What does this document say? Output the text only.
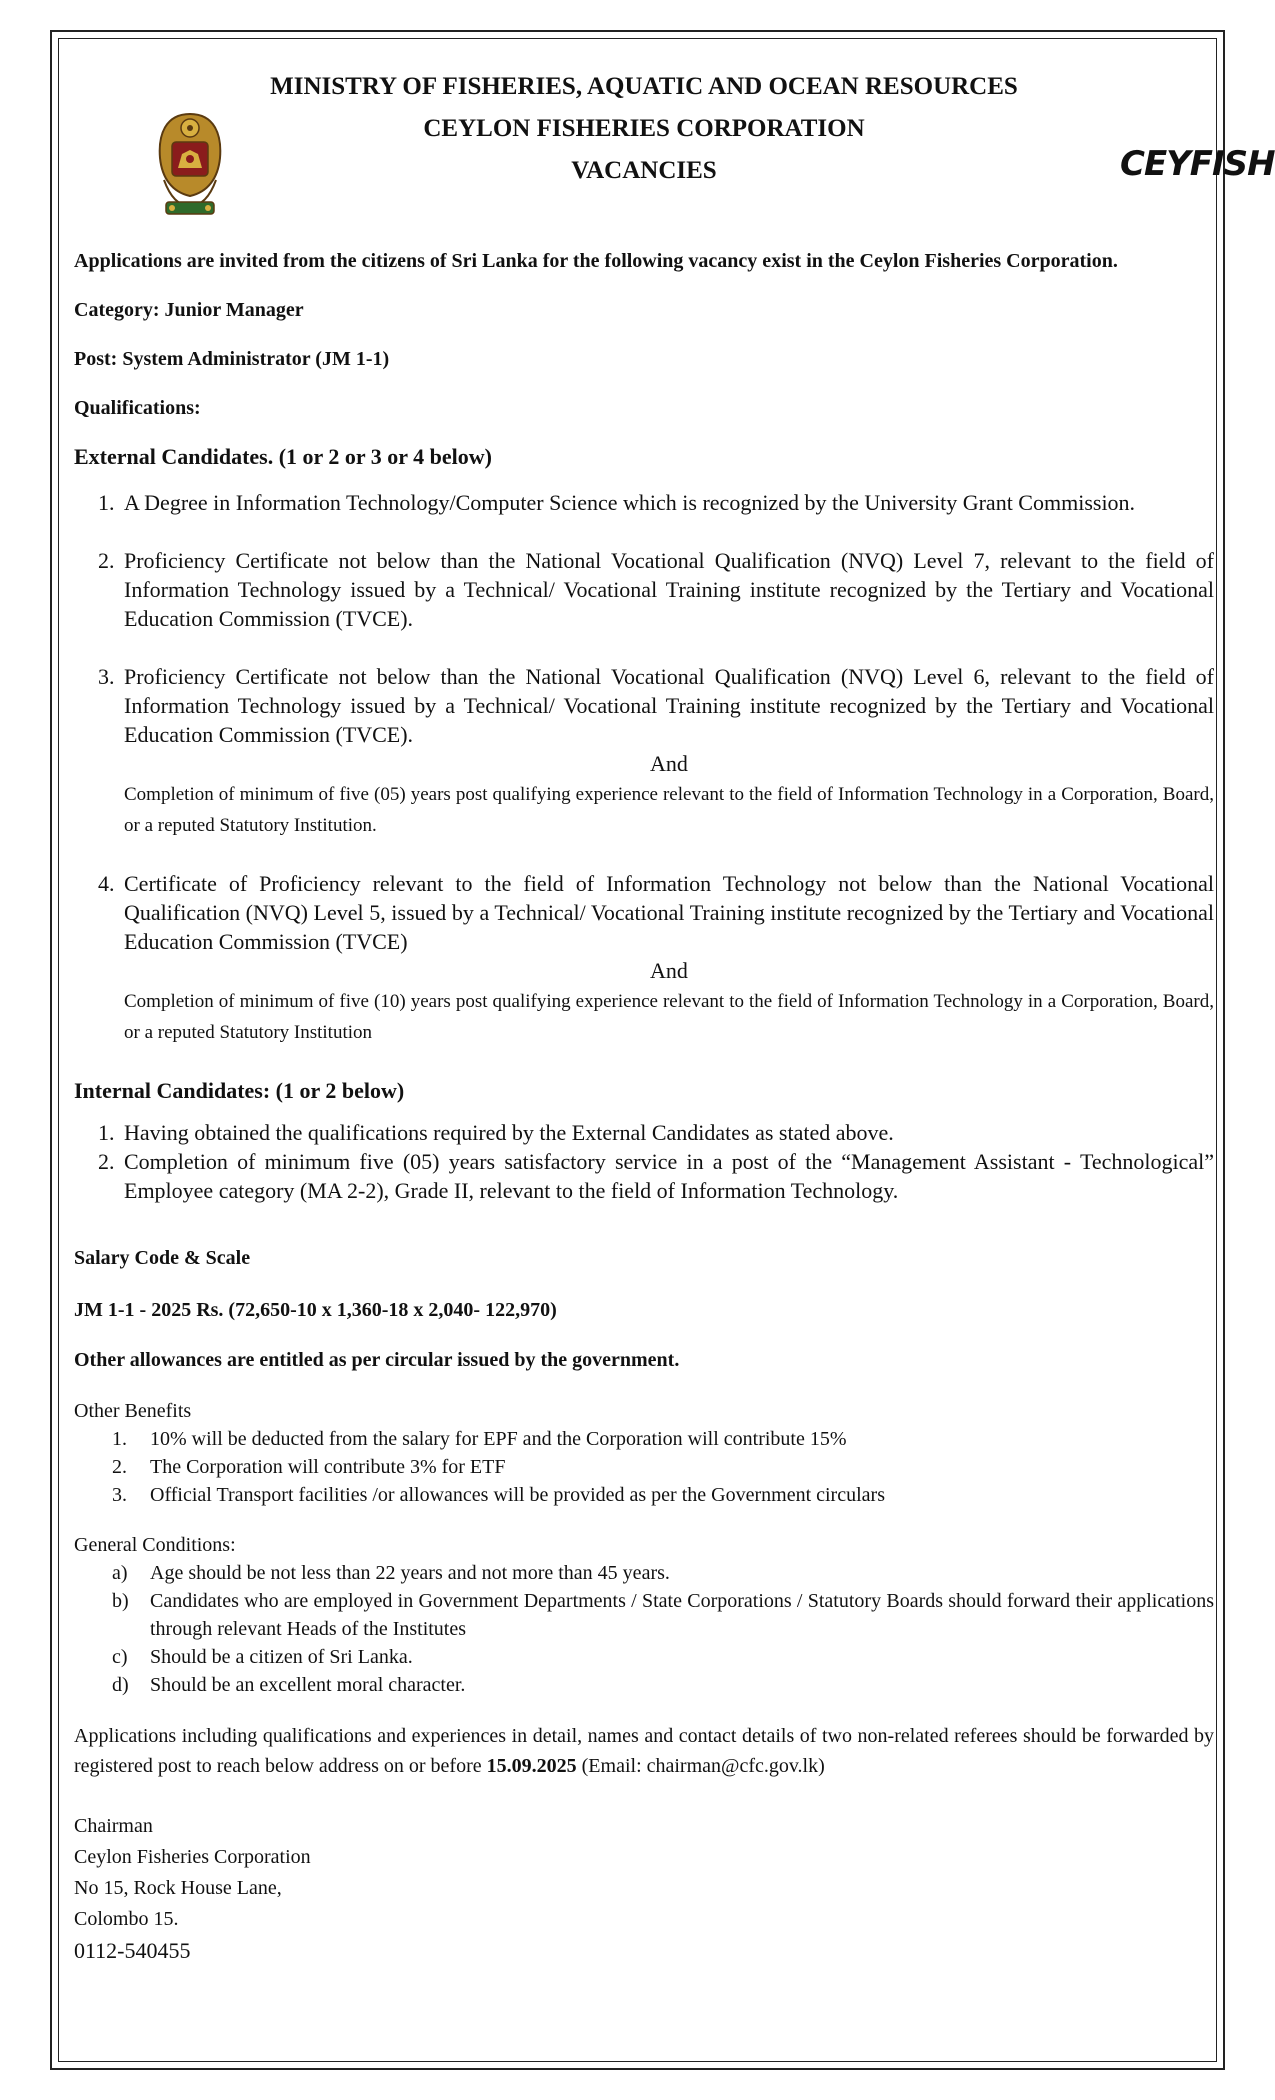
MINISTRY OF FISHERIES, AQUATIC AND OCEAN RESOURCES
CEYLON FISHERIES CORPORATION
VACANCIES	CEYFISH

Applications are invited from the citizens of Sri Lanka for the following vacancy exist in the Ceylon Fisheries Corporation.

Category: Junior Manager

Post: System Administrator (JM 1-1)

Qualifications:

External Candidates. (1 or 2 or 3 or 4 below)

1. A Degree in Information Technology/Computer Science which is recognized by the University Grant Commission.
2. Proficiency Certificate not below than the National Vocational Qualification (NVQ) Level 7, relevant to the field of Information Technology issued by a Technical/ Vocational Training institute recognized by the Tertiary and Vocational Education Commission (TVCE).
3. Proficiency Certificate not below than the National Vocational Qualification (NVQ) Level 6, relevant to the field of Information Technology issued by a Technical/ Vocational Training institute recognized by the Tertiary and Vocational Education Commission (TVCE).
And
Completion of minimum of five (05) years post qualifying experience relevant to the field of Information Technology in a Corporation, Board, or a reputed Statutory Institution.
4. Certificate of Proficiency relevant to the field of Information Technology not below than the National Vocational Qualification (NVQ) Level 5, issued by a Technical/ Vocational Training institute recognized by the Tertiary and Vocational Education Commission (TVCE)
And
Completion of minimum of five (10) years post qualifying experience relevant to the field of Information Technology in a Corporation, Board, or a reputed Statutory Institution

Internal Candidates: (1 or 2 below)

1. Having obtained the qualifications required by the External Candidates as stated above.
2. Completion of minimum five (05) years satisfactory service in a post of the “Management Assistant - Technological” Employee category (MA 2-2), Grade II, relevant to the field of Information Technology.

Salary Code & Scale

JM 1-1 - 2025 Rs. (72,650-10 x 1,360-18 x 2,040- 122,970)

Other allowances are entitled as per circular issued by the government.

Other Benefits

1. 10% will be deducted from the salary for EPF and the Corporation will contribute 15%
2. The Corporation will contribute 3% for ETF
3. Official Transport facilities /or allowances will be provided as per the Government circulars

General Conditions:

a) Age should be not less than 22 years and not more than 45 years.
b) Candidates who are employed in Government Departments / State Corporations / Statutory Boards should forward their applications through relevant Heads of the Institutes
c) Should be a citizen of Sri Lanka.
d) Should be an excellent moral character.

Applications including qualifications and experiences in detail, names and contact details of two non-related referees should be forwarded by registered post to reach below address on or before 15.09.2025 (Email: chairman@cfc.gov.lk)

Chairman
Ceylon Fisheries Corporation
No 15, Rock House Lane,
Colombo 15.
0112-540455
